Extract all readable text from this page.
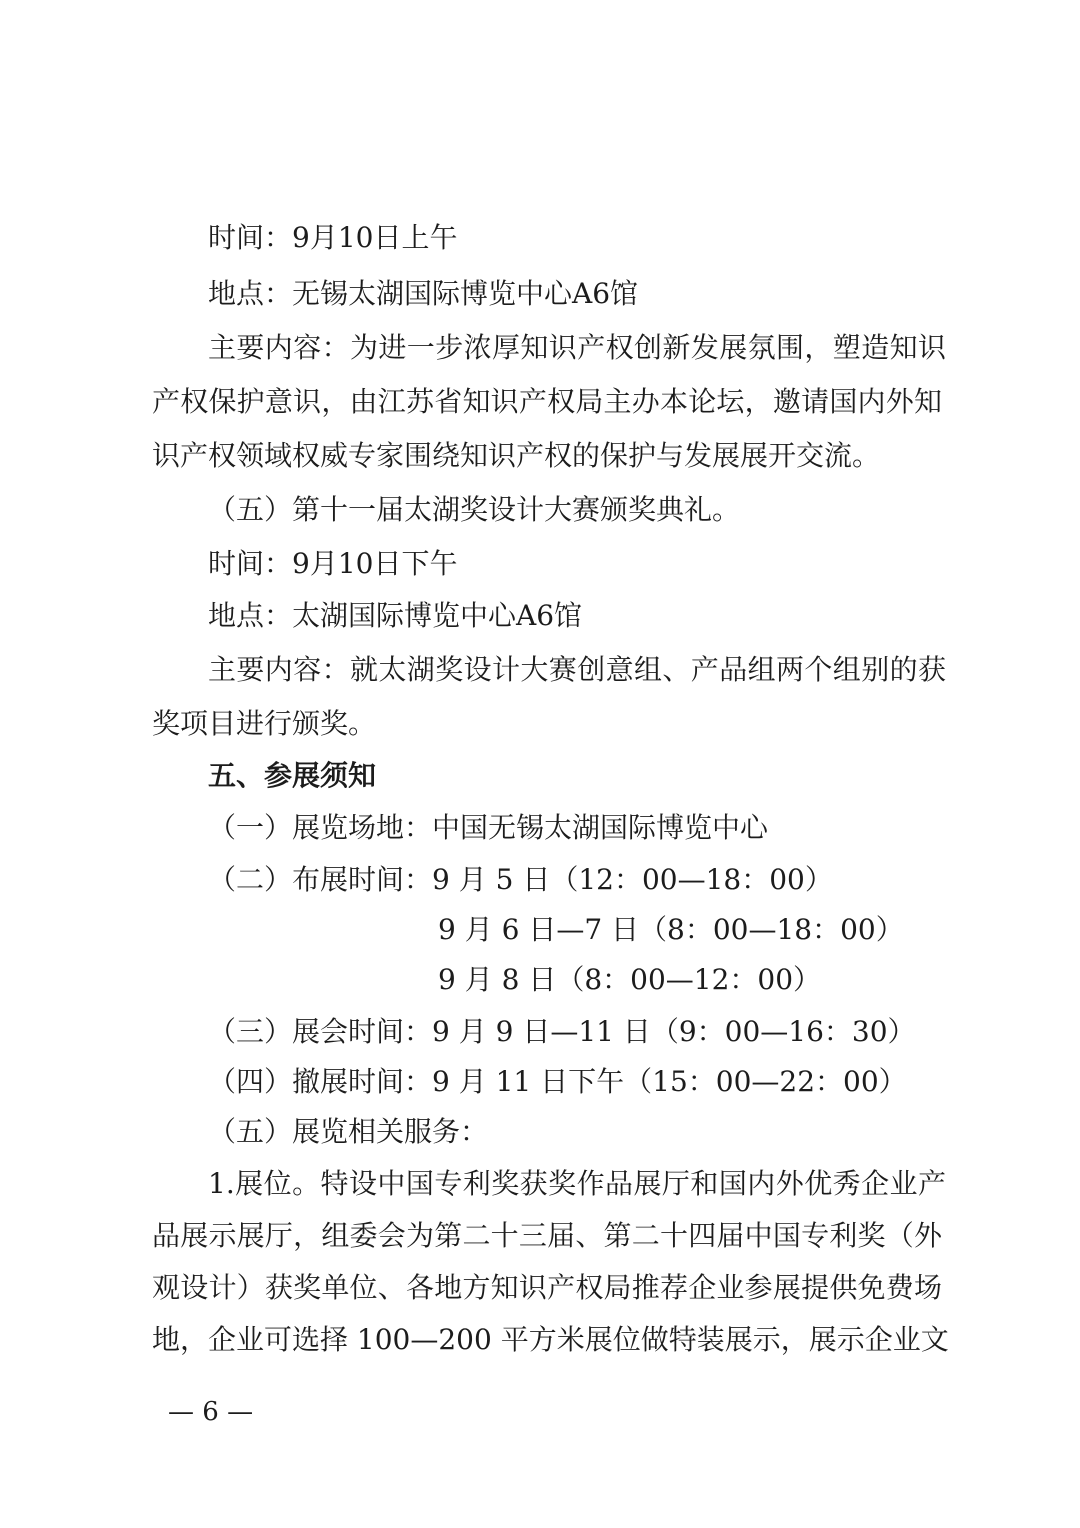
时间：9月10日上午
地点：无锡太湖国际博览中心A6馆
主要内容：为进一步浓厚知识产权创新发展氛围，塑造知识
产权保护意识，由江苏省知识产权局主办本论坛，邀请国内外知
识产权领域权威专家围绕知识产权的保护与发展展开交流。
（五）第十一届太湖奖设计大赛颁奖典礼。
时间：9月10日下午
地点：太湖国际博览中心A6馆
主要内容：就太湖奖设计大赛创意组、产品组两个组别的获
奖项目进行颁奖。
五、参展须知
（一）展览场地：中国无锡太湖国际博览中心
（二）布展时间：9 月 5 日（12：00—18：00）
9 月 6 日—7 日（8：00—18：00）
9 月 8 日（8：00—12：00）
（三）展会时间：9 月 9 日—11 日（9：00—16：30）
（四）撤展时间：9 月 11 日下午（15：00—22：00）
（五）展览相关服务：
1.展位。特设中国专利奖获奖作品展厅和国内外优秀企业产
品展示展厅，组委会为第二十三届、第二十四届中国专利奖（外
观设计）获奖单位、各地方知识产权局推荐企业参展提供免费场
地，企业可选择 100—200 平方米展位做特装展示，展示企业文
— 6 —
